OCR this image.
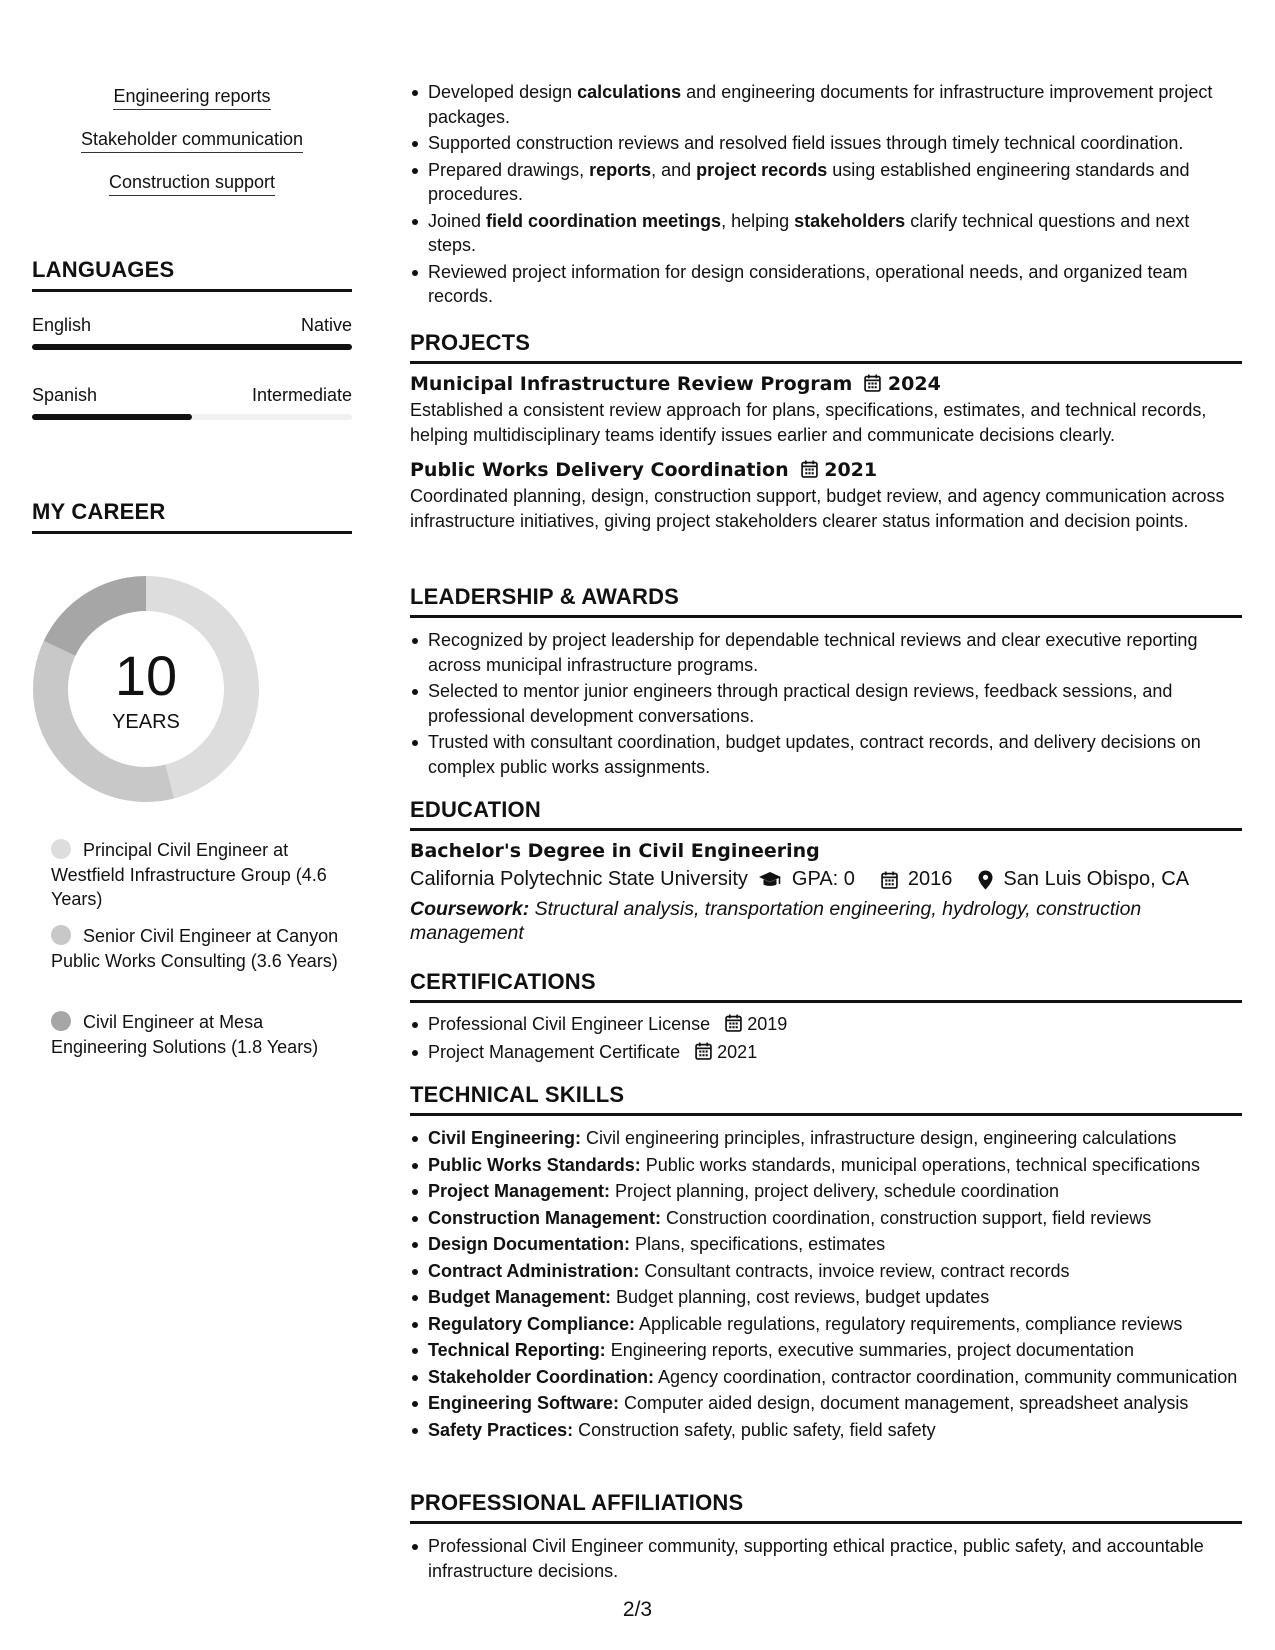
Engineering reports
Stakeholder communication
Construction support
LANGUAGES
English	Native
Spanish	Intermediate
MY CAREER
10
YEARS
Principal Civil Engineer at Westfield Infrastructure Group (4.6 Years)
Senior Civil Engineer at Canyon Public Works Consulting (3.6 Years)
Civil Engineer at Mesa Engineering Solutions (1.8 Years)
Developed design calculations and engineering documents for infrastructure improvement project packages.
Supported construction reviews and resolved field issues through timely technical coordination.
Prepared drawings, reports, and project records using established engineering standards and procedures.
Joined field coordination meetings, helping stakeholders clarify technical questions and next steps.
Reviewed project information for design considerations, operational needs, and organized team records.
PROJECTS
Municipal Infrastructure Review Program	2024
Established a consistent review approach for plans, specifications, estimates, and technical records, helping multidisciplinary teams identify issues earlier and communicate decisions clearly.
Public Works Delivery Coordination	2021
Coordinated planning, design, construction support, budget review, and agency communication across infrastructure initiatives, giving project stakeholders clearer status information and decision points.
LEADERSHIP & AWARDS
Recognized by project leadership for dependable technical reviews and clear executive reporting across municipal infrastructure programs.
Selected to mentor junior engineers through practical design reviews, feedback sessions, and professional development conversations.
Trusted with consultant coordination, budget updates, contract records, and delivery decisions on complex public works assignments.
EDUCATION
Bachelor's Degree in Civil Engineering
California Polytechnic State University GPA: 0	2016	San Luis Obispo, CA
Coursework: Structural analysis, transportation engineering, hydrology, construction management
CERTIFICATIONS
Professional Civil Engineer License 2019
Project Management Certificate 2021
TECHNICAL SKILLS
Civil Engineering: Civil engineering principles, infrastructure design, engineering calculations
Public Works Standards: Public works standards, municipal operations, technical specifications
Project Management: Project planning, project delivery, schedule coordination
Construction Management: Construction coordination, construction support, field reviews
Design Documentation: Plans, specifications, estimates
Contract Administration: Consultant contracts, invoice review, contract records
Budget Management: Budget planning, cost reviews, budget updates
Regulatory Compliance: Applicable regulations, regulatory requirements, compliance reviews
Technical Reporting: Engineering reports, executive summaries, project documentation
Stakeholder Coordination: Agency coordination, contractor coordination, community communication
Engineering Software: Computer aided design, document management, spreadsheet analysis
Safety Practices: Construction safety, public safety, field safety
PROFESSIONAL AFFILIATIONS
Professional Civil Engineer community, supporting ethical practice, public safety, and accountable infrastructure decisions.
2/3
